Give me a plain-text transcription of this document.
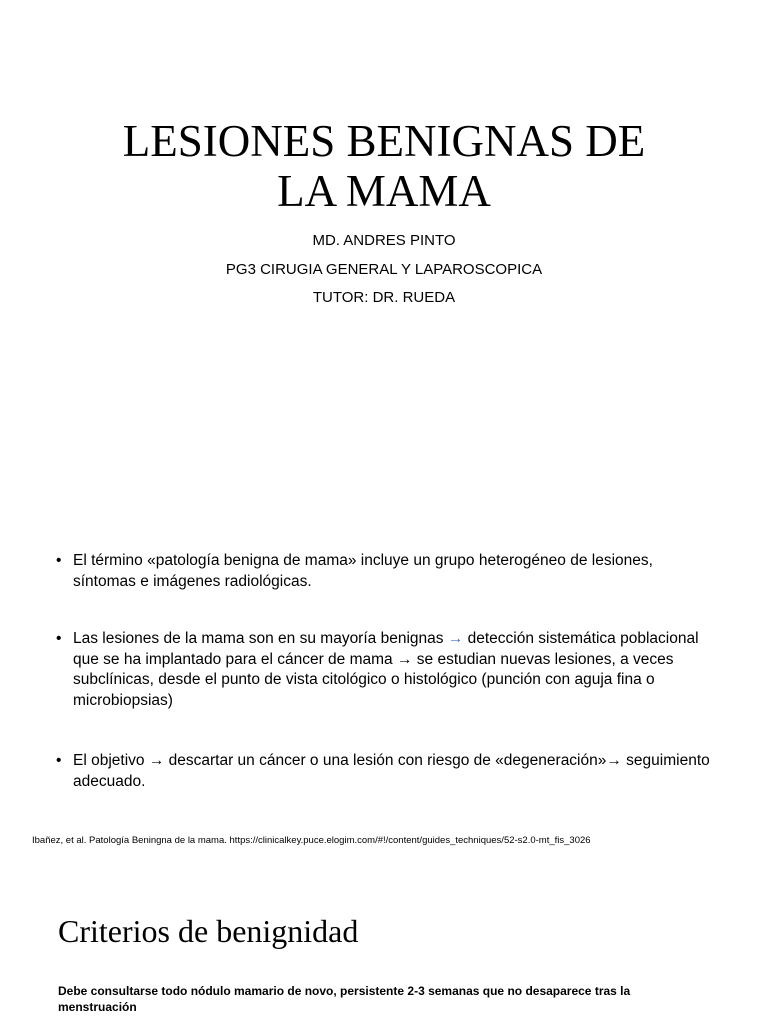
LESIONES BENIGNAS DE
LA MAMA
MD. ANDRES PINTO
PG3 CIRUGIA GENERAL Y LAPAROSCOPICA
TUTOR: DR. RUEDA
• El término «patología benigna de mama» incluye un grupo heterogéneo de lesiones, síntomas e imágenes radiológicas.
• Las lesiones de la mama son en su mayoría benignas → detección sistemática poblacional que se ha implantado para el cáncer de mama → se estudian nuevas lesiones, a veces subclínicas, desde el punto de vista citológico o histológico (punción con aguja fina o microbiopsias)
• El objetivo → descartar un cáncer o una lesión con riesgo de «degeneración»→ seguimiento adecuado.
Ibañez, et al. Patología Beningna de la mama. https://clinicalkey.puce.elogim.com/#!/content/guides_techniques/52-s2.0-mt_fis_3026
Criterios de benignidad
Debe consultarse todo nódulo mamario de novo, persistente 2-3 semanas que no desaparece tras la menstruación
